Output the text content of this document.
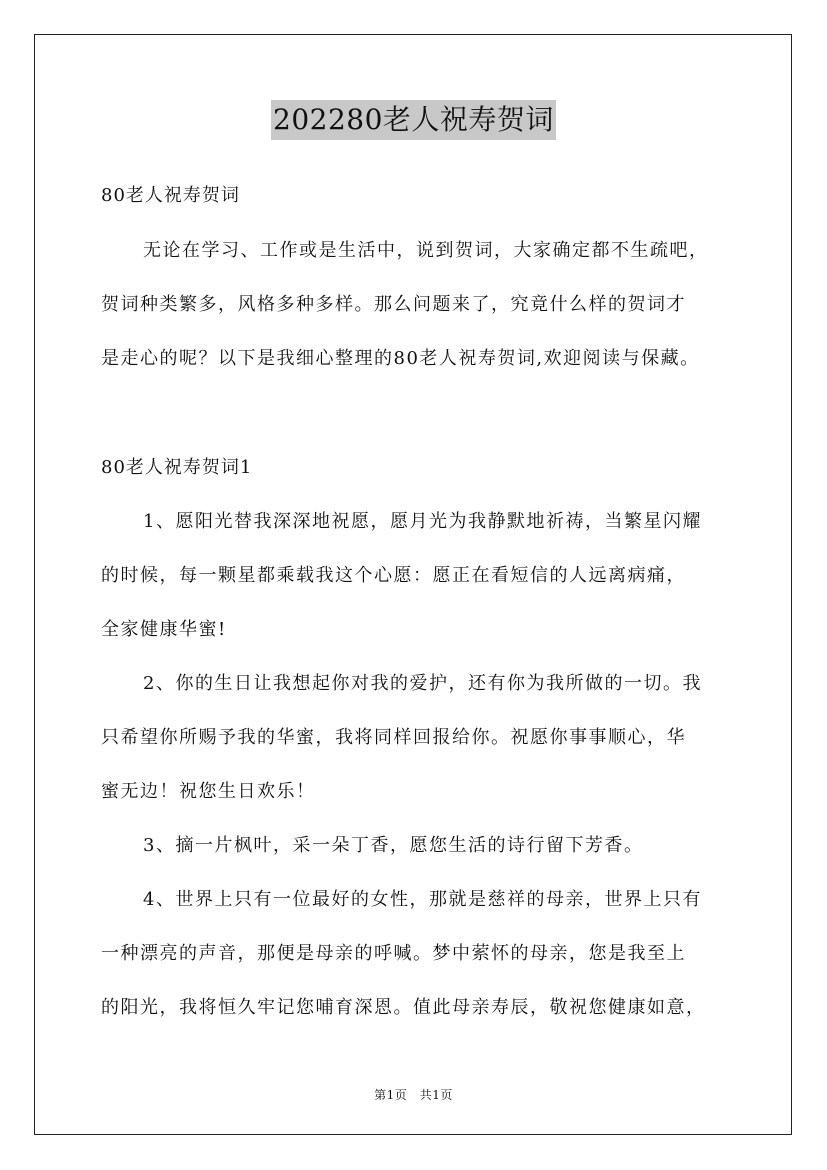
202280老人祝寿贺词
80老人祝寿贺词
无论在学习、工作或是生活中，说到贺词，大家确定都不生疏吧，
贺词种类繁多，风格多种多样。那么问题来了，究竟什么样的贺词才
是走心的呢？以下是我细心整理的80老人祝寿贺词,欢迎阅读与保藏。
80老人祝寿贺词1
1、愿阳光替我深深地祝愿，愿月光为我静默地祈祷，当繁星闪耀
的时候，每一颗星都乘载我这个心愿：愿正在看短信的人远离病痛，
全家健康华蜜!
2、你的生日让我想起你对我的爱护，还有你为我所做的一切。我
只希望你所赐予我的华蜜，我将同样回报给你。祝愿你事事顺心，华
蜜无边！祝您生日欢乐！
3、摘一片枫叶，采一朵丁香，愿您生活的诗行留下芳香。
4、世界上只有一位最好的女性，那就是慈祥的母亲，世界上只有
一种漂亮的声音，那便是母亲的呼喊。梦中萦怀的母亲，您是我至上
的阳光，我将恒久牢记您哺育深恩。值此母亲寿辰，敬祝您健康如意，
第1页　共1页
